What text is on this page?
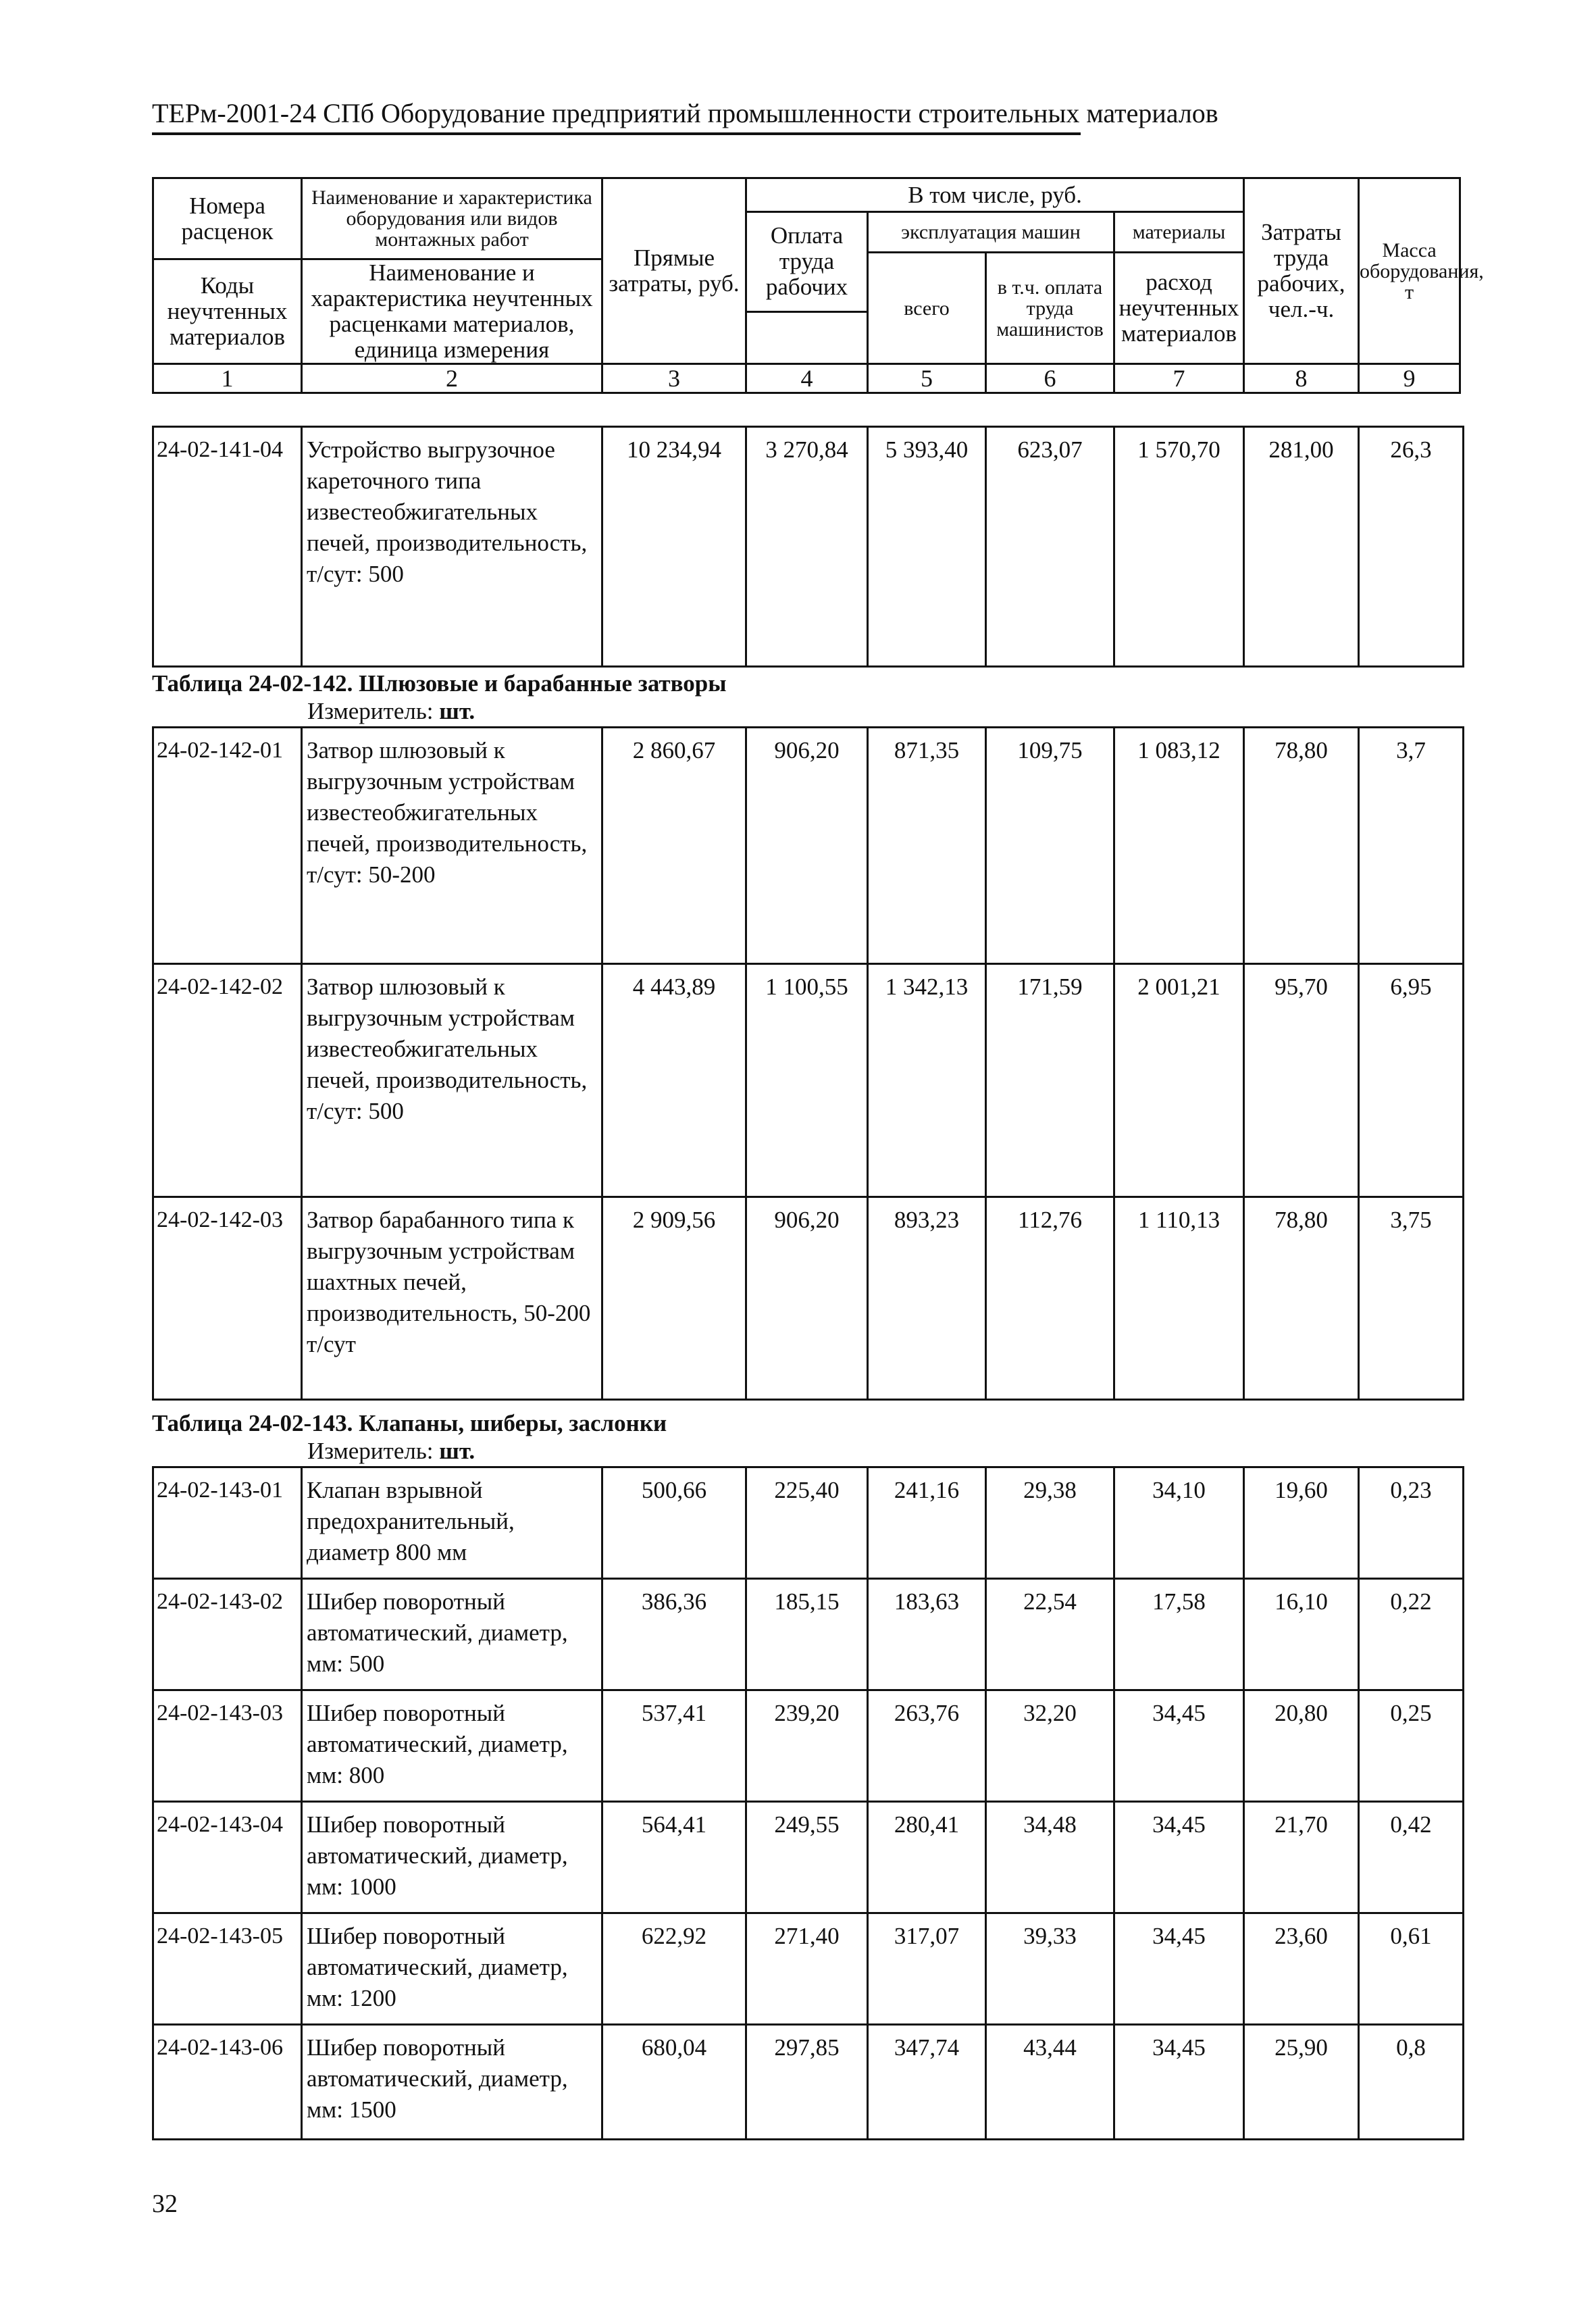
ТЕРм-2001-24 СПб Оборудование предприятий промышленности строительных материалов
Номера расценок	Наименование и характеристика оборудования или видов монтажных работ	Прямые затраты, руб.	В том числе, руб.				Затраты труда рабочих, чел.-ч.	Масса оборудования, т
			Оплата труда рабочих	эксплуатация машин		материалы		
				всего	в т.ч. оплата труда машинистов	расход неучтенных материалов		
Коды неучтенных материалов	Наименование и характеристика неучтенных расценками материалов, единица измерения							

1	2	3	4	5	6	7	8	9
24-02-141-04	Устройство выгрузочное кареточного типа известеобжигательных печей, производительность, т/сут: 500	10 234,94	3 270,84	5 393,40	623,07	1 570,70	281,00	26,3
Таблица 24-02-142. Шлюзовые и барабанные затворы
Измеритель: шт.
24-02-142-01	Затвор шлюзовый к выгрузочным устройствам известеобжигательных печей, производительность, т/сут: 50-200	2 860,67	906,20	871,35	109,75	1 083,12	78,80	3,7
24-02-142-02	Затвор шлюзовый к выгрузочным устройствам известеобжигательных печей, производительность, т/сут: 500	4 443,89	1 100,55	1 342,13	171,59	2 001,21	95,70	6,95
24-02-142-03	Затвор барабанного типа к выгрузочным устройствам шахтных печей, производительность, 50-200 т/сут	2 909,56	906,20	893,23	112,76	1 110,13	78,80	3,75
Таблица 24-02-143. Клапаны, шиберы, заслонки
Измеритель: шт.
24-02-143-01	Клапан взрывной предохранительный, диаметр 800 мм	500,66	225,40	241,16	29,38	34,10	19,60	0,23
24-02-143-02	Шибер поворотный автоматический, диаметр, мм: 500	386,36	185,15	183,63	22,54	17,58	16,10	0,22
24-02-143-03	Шибер поворотный автоматический, диаметр, мм: 800	537,41	239,20	263,76	32,20	34,45	20,80	0,25
24-02-143-04	Шибер поворотный автоматический, диаметр, мм: 1000	564,41	249,55	280,41	34,48	34,45	21,70	0,42
24-02-143-05	Шибер поворотный автоматический, диаметр, мм: 1200	622,92	271,40	317,07	39,33	34,45	23,60	0,61
24-02-143-06	Шибер поворотный автоматический, диаметр, мм: 1500	680,04	297,85	347,74	43,44	34,45	25,90	0,8
32
